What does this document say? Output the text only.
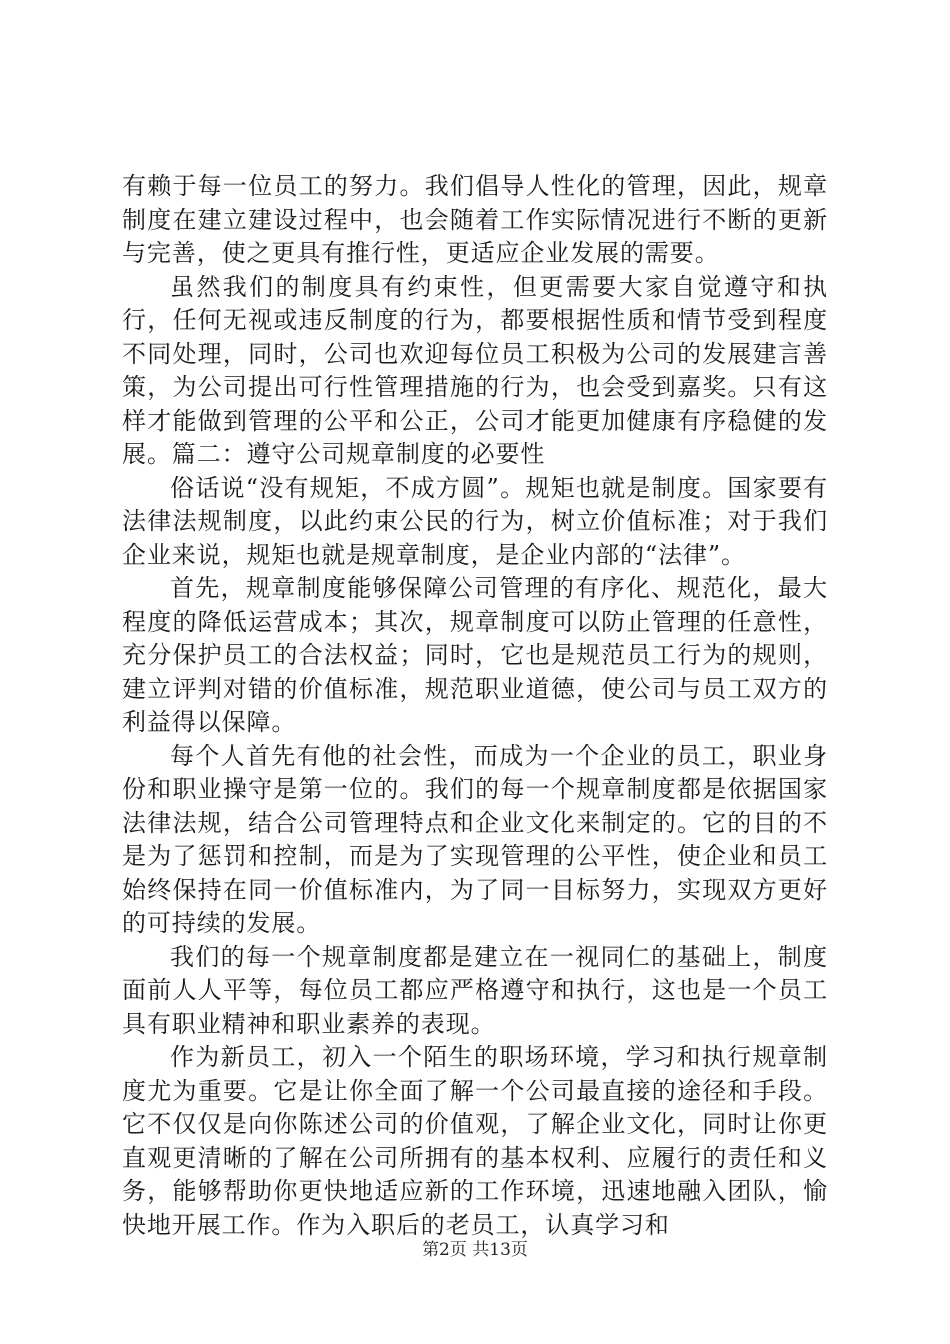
有赖于每一位员工的努力。我们倡导人性化的管理，因此，规章制度在建立建设过程中，也会随着工作实际情况进行不断的更新与完善，使之更具有推行性，更适应企业发展的需要。

虽然我们的制度具有约束性，但更需要大家自觉遵守和执行，任何无视或违反制度的行为，都要根据性质和情节受到程度不同处理，同时，公司也欢迎每位员工积极为公司的发展建言善策，为公司提出可行性管理措施的行为，也会受到嘉奖。只有这样才能做到管理的公平和公正，公司才能更加健康有序稳健的发展。篇二：遵守公司规章制度的必要性

俗话说“没有规矩，不成方圆”。规矩也就是制度。国家要有法律法规制度，以此约束公民的行为，树立价值标准；对于我们企业来说，规矩也就是规章制度，是企业内部的“法律”。

首先，规章制度能够保障公司管理的有序化、规范化，最大程度的降低运营成本；其次，规章制度可以防止管理的任意性，充分保护员工的合法权益；同时，它也是规范员工行为的规则，建立评判对错的价值标准，规范职业道德，使公司与员工双方的利益得以保障。

每个人首先有他的社会性，而成为一个企业的员工，职业身份和职业操守是第一位的。我们的每一个规章制度都是依据国家法律法规，结合公司管理特点和企业文化来制定的。它的目的不是为了惩罚和控制，而是为了实现管理的公平性，使企业和员工始终保持在同一价值标准内，为了同一目标努力，实现双方更好的可持续的发展。

我们的每一个规章制度都是建立在一视同仁的基础上，制度面前人人平等，每位员工都应严格遵守和执行，这也是一个员工具有职业精神和职业素养的表现。

作为新员工，初入一个陌生的职场环境，学习和执行规章制度尤为重要。它是让你全面了解一个公司最直接的途径和手段。它不仅仅是向你陈述公司的价值观，了解企业文化，同时让你更直观更清晰的了解在公司所拥有的基本权利、应履行的责任和义务，能够帮助你更快地适应新的工作环境，迅速地融入团队，愉快地开展工作。作为入职后的老员工，认真学习和

第2页 共13页
